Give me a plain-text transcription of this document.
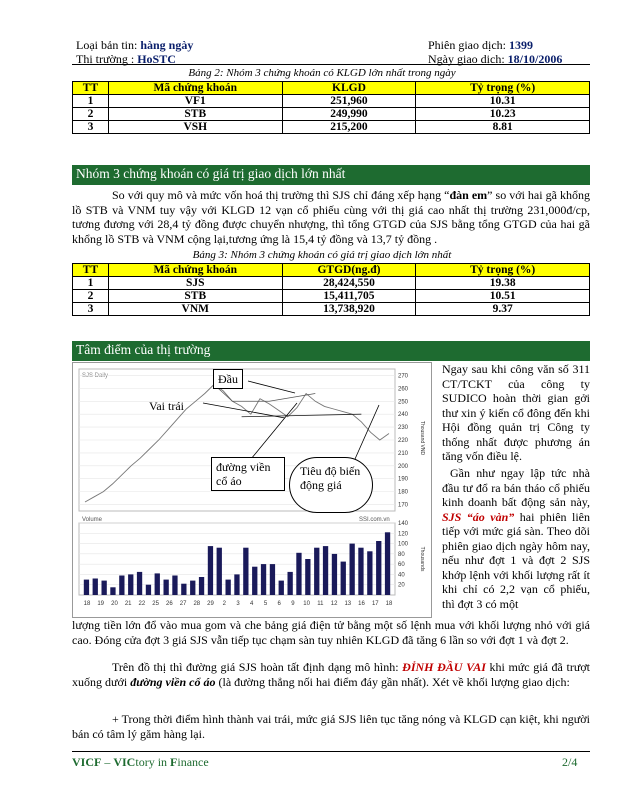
Loại bản tin: hàng ngày	Phiên giao dịch: 1399
Thị trường : HoSTC	Ngày giao dịch: 18/10/2006
Bảng 2: Nhóm 3 chứng khoán có KLGD lớn nhất trong ngày
TT	Mã chứng khoán	KLGD	Tỷ trọng (%)
1	VF1	251,960	10.31
2	STB	249,990	10.23
3	VSH	215,200	8.81
Nhóm 3 chứng khoán có giá trị giao dịch lớn nhất
So với quy mô và mức vốn hoá thị trường thì SJS chỉ đáng xếp hạng “đàn em” so với hai gã khổng lồ STB và VNM tuy vậy với KLGD 12 vạn cổ phiếu cùng với thị giá cao nhất thị trường 231,000đ/cp, tương đương với 28,4 tỷ đồng được chuyển nhượng, thì tổng GTGD của SJS bằng tổng GTGD của hai gã khổng lồ STB và VNM cộng lại,tương ứng là 15,4 tỷ đồng và 13,7 tỷ đồng .
Bảng 3: Nhóm 3 chứng khoán có giá trị giao dịch lớn nhất
TT	Mã chứng khoán	GTGD(ng.đ)	Tỷ trọng (%)
1	SJS	28,424,550	19.38
2	STB	15,411,705	10.51
3	VNM	13,738,920	9.37
Tâm điểm của thị trường
SJS Daily
Volume	SSI.com.vn
270
260
250
240
230
220
210
200
190
180
170
Thousand VND
140
120
100
80
60
40
20
Thousands
18 19 20 21 22 25 26 27 28 29 2 3 4 5 6 9 10 11 12 13 16 17 18
Đầu
Vai trái
đường viền cổ áo
Tiêu độ biến động giá
Ngay sau khi công văn số 311 CT/TCKT của công ty SUDICO hoàn thời gian gởi thư xin ý kiến cổ đông đến khi Hội đồng quản trị Công ty thống nhất được phương án tăng vốn điều lệ.
Gần như ngay lập tức nhà đầu tư đổ ra bán tháo cổ phiếu kinh doanh bất động sản này, SJS “áo vàn” hai phiên liên tiếp với mức giá sàn. Theo dõi phiên giao dịch ngày hôm nay, nếu như đợt 1 và đợt 2 SJS khớp lệnh với khối lượng rất ít khi chỉ có 2,2 vạn cổ phiếu, thì đợt 3 có một
lượng tiền lớn đổ vào mua gom và che bảng giá điện tử bằng một số lệnh mua với khối lượng nhỏ với giá cao. Đóng cửa đợt 3 giá SJS vẫn tiếp tục chạm sàn tuy nhiên KLGD đã tăng 6 lần so với đợt 1 và đợt 2.
Trên đồ thị thì đường giá SJS hoàn tất định dạng mô hình: ĐỈNH ĐẦU VAI khi mức giá đã trượt xuống dưới đường viền cổ áo (là đường thẳng nối hai điểm đáy gần nhất). Xét về khối lượng giao dịch:
+ Trong thời điểm hình thành vai trái, mức giá SJS liên tục tăng nóng và KLGD cạn kiệt, khi người bán có tâm lý găm hàng lại.
VICF – VICtory in Finance	2/4
